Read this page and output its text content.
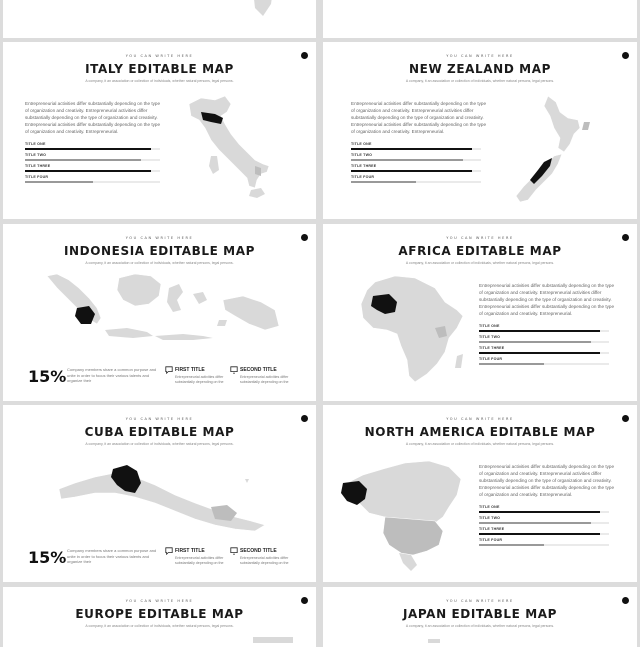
YOU CAN WRITE HERE
ITALY EDITABLE MAP
A company, it an association or collection of individuals, whether natural persons, legal persons.
Entrepreneurial activities differ substantially depending on the type of organization and creativity. Entrepreneurial activities differ substantially depending on the type of organization and creativity. Entrepreneurial activities differ substantially depending on the type of organization and creativity. Entrepreneurial.
TITLE ONE
TITLE TWO
TITLE THREE
TITLE FOUR
YOU CAN WRITE HERE
NEW ZEALAND MAP
A company, it an association or collection of individuals, whether natural persons, legal persons.
Entrepreneurial activities differ substantially depending on the type of organization and creativity. Entrepreneurial activities differ substantially depending on the type of organization and creativity. Entrepreneurial activities differ substantially depending on the type of organization and creativity. Entrepreneurial.
TITLE ONE
TITLE TWO
TITLE THREE
TITLE FOUR
YOU CAN WRITE HERE
INDONESIA EDITABLE MAP
A company, it an association or collection of individuals, whether natural persons, legal persons.
15% Company members share a common purpose and unite in order to focus their various talents and organize their
FIRST TITLE
Entrepreneurial activities differ substantially depending on the
SECOND TITLE
Entrepreneurial activities differ substantially depending on the
YOU CAN WRITE HERE
AFRICA EDITABLE MAP
A company, it an association or collection of individuals, whether natural persons, legal persons.
Entrepreneurial activities differ substantially depending on the type of organization and creativity. Entrepreneurial activities differ substantially depending on the type of organization and creativity. Entrepreneurial activities differ substantially depending on the type of organization and creativity. Entrepreneurial.
TITLE ONE
TITLE TWO
TITLE THREE
TITLE FOUR
YOU CAN WRITE HERE
CUBA EDITABLE MAP
A company, it an association or collection of individuals, whether natural persons, legal persons.
15% Company members share a common purpose and unite in order to focus their various talents and organize their
FIRST TITLE
Entrepreneurial activities differ substantially depending on the
SECOND TITLE
Entrepreneurial activities differ substantially depending on the
YOU CAN WRITE HERE
NORTH AMERICA EDITABLE MAP
A company, it an association or collection of individuals, whether natural persons, legal persons.
Entrepreneurial activities differ substantially depending on the type of organization and creativity. Entrepreneurial activities differ substantially depending on the type of organization and creativity. Entrepreneurial activities differ substantially depending on the type of organization and creativity. Entrepreneurial.
TITLE ONE
TITLE TWO
TITLE THREE
TITLE FOUR
YOU CAN WRITE HERE
EUROPE EDITABLE MAP
A company, it an association or collection of individuals, whether natural persons, legal persons.
YOU CAN WRITE HERE
JAPAN EDITABLE MAP
A company, it an association or collection of individuals, whether natural persons, legal persons.
